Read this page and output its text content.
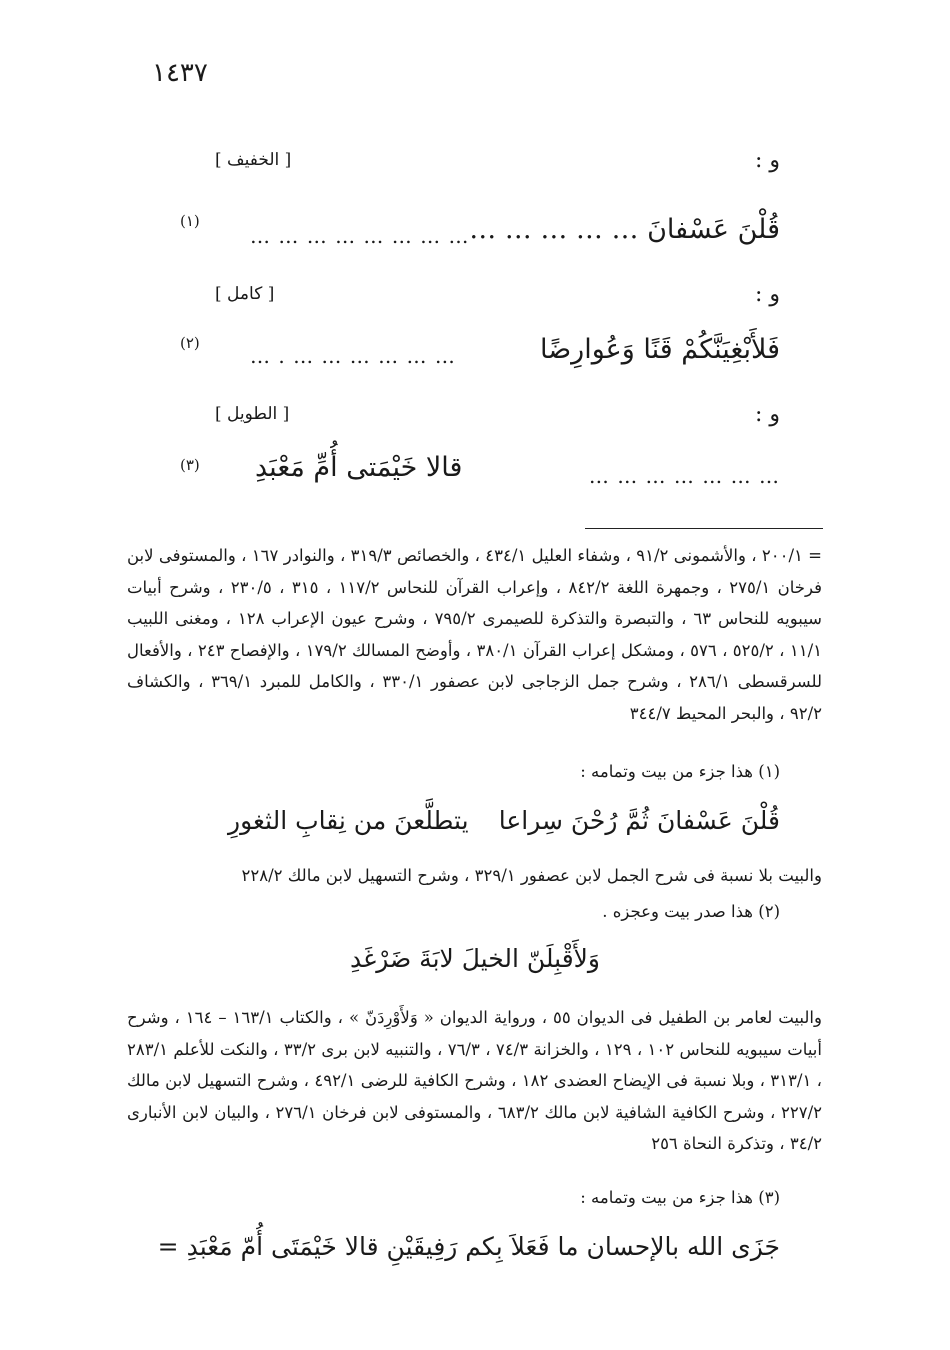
١٤٣٧
و :
[ الخفيف ]
قُلْنَ عَسْفانَ … … … … …
… … … … … … … …
(١)
و :
[ كامل ]
فَلأَبْغِيَنَّكُمْ قَنًا وَعُوارِضًا
… … … … … … . …
(٢)
و :
[ الطويل ]
… … … … … … …
قالا خَيْمَتى أُمِّ مَعْبَدِ
(٣)
= ٢٠٠/١ ، والأشمونى ٩١/٢ ، وشفاء العليل ٤٣٤/١ ، والخصائص ٣١٩/٣ ، والنوادر ١٦٧ ، والمستوفى لابن فرخان ٢٧٥/١ ، وجمهرة اللغة ٨٤٢/٢ ، وإعراب القرآن للنحاس ١١٧/٢ ، ٣١٥ ، ٢٣٠/٥ ، وشرح أبيات سيبويه للنحاس ٦٣ ، والتبصرة والتذكرة للصيمرى ٧٩٥/٢ ، وشرح عيون الإعراب ١٢٨ ، ومغنى اللبيب ١١/١ ، ٥٢٥/٢ ، ٥٧٦ ، ومشكل إعراب القرآن ٣٨٠/١ ، وأوضح المسالك ١٧٩/٢ ، والإفصاح ٢٤٣ ، والأفعال للسرقسطى ٢٨٦/١ ، وشرح جمل الزجاجى لابن عصفور ٣٣٠/١ ، والكامل للمبرد ٣٦٩/١ ، والكشاف ٩٢/٢ ، والبحر المحيط ٣٤٤/٧
(١) هذا جزء من بيت وتمامه :
قُلْنَ عَسْفانَ ثُمَّ رُحْنَ سِراعا
يتطلَّعنَ من نِقابِ الثغورِ
والبيت بلا نسبة فى شرح الجمل لابن عصفور ٣٢٩/١ ، وشرح التسهيل لابن مالك ٢٢٨/٢
(٢) هذا صدر بيت وعجزه .
وَلأَقْبِلَنّ الخيلَ لابَةَ ضَرْغَدِ
والبيت لعامر بن الطفيل فى الديوان ٥٥ ، ورواية الديوان « وَلأَوْرِدَنّ » ، والكتاب ١٦٣/١ – ١٦٤ ، وشرح أبيات سيبويه للنحاس ١٠٢ ، ١٢٩ ، والخزانة ٧٤/٣ ، ٧٦/٣ ، والتنبيه لابن برى ٣٣/٢ ، والنكت للأعلم ٢٨٣/١ ، ٣١٣/١ ، وبلا نسبة فى الإيضاح العضدى ١٨٢ ، وشرح الكافية للرضى ٤٩٢/١ ، وشرح التسهيل لابن مالك ٢٢٧/٢ ، وشرح الكافية الشافية لابن مالك ٦٨٣/٢ ، والمستوفى لابن فرخان ٢٧٦/١ ، والبيان لابن الأنبارى ٣٤/٢ ، وتذكرة النحاة ٢٥٦
(٣) هذا جزء من بيت وتمامه :
جَزَى الله بالإحسان ما فَعَلاَ بِكم رَفِيقَيْنِ قالا خَيْمَتَى أُمّ مَعْبَدِ =
